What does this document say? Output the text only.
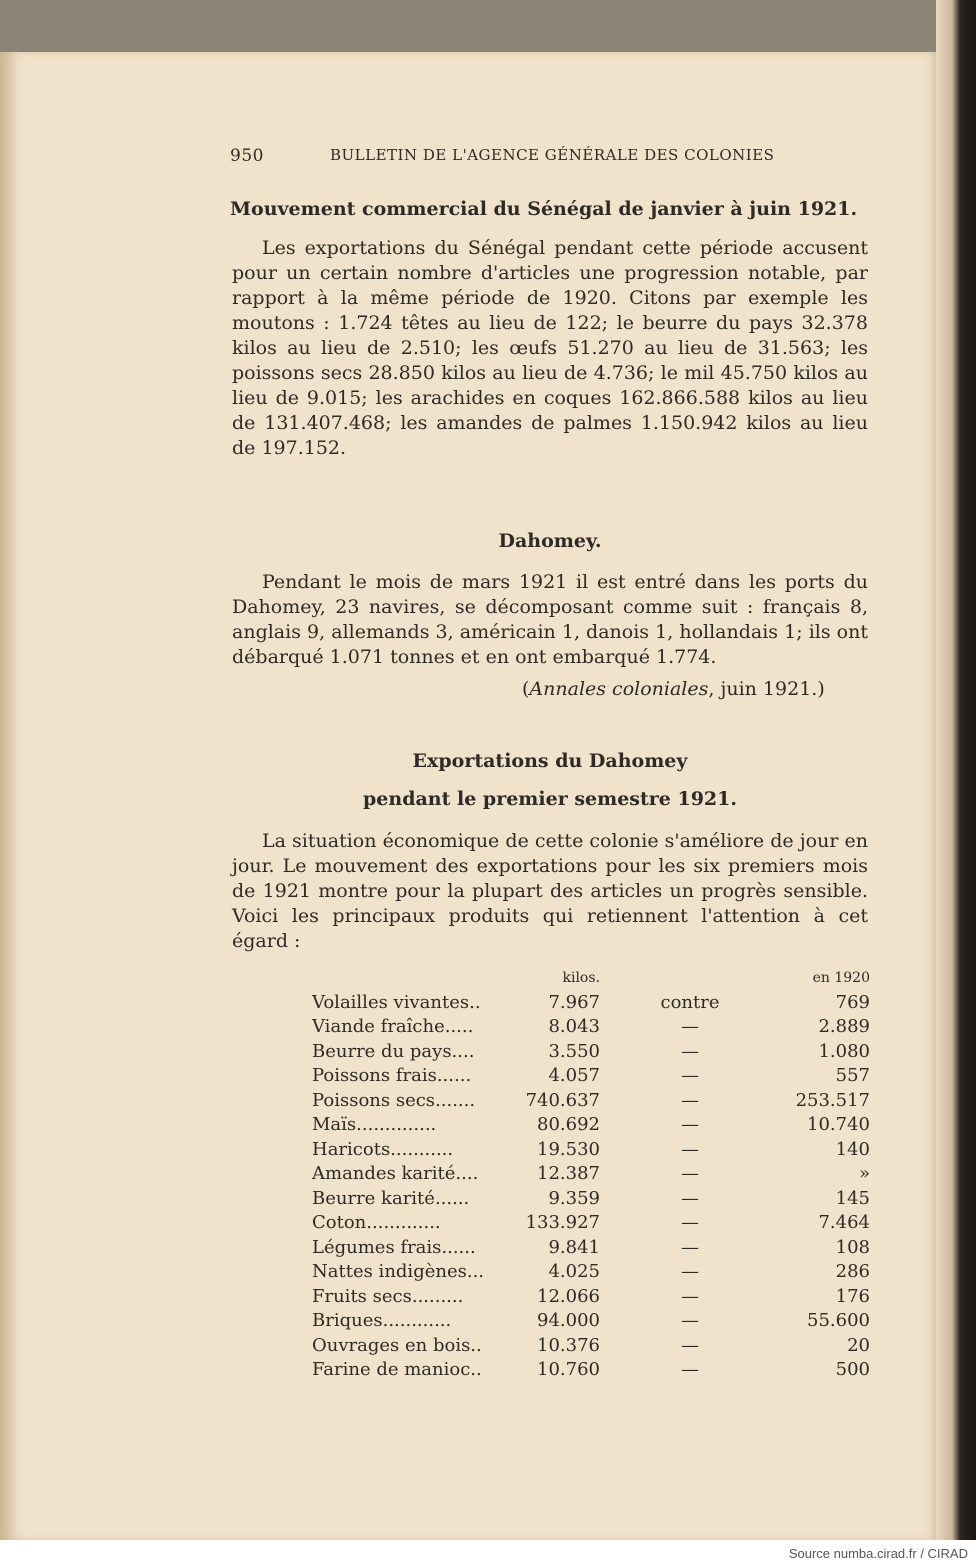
950	BULLETIN DE L'AGENCE GÉNÉRALE DES COLONIES
Mouvement commercial du Sénégal de janvier à juin 1921.
Les exportations du Sénégal pendant cette période accusent pour un certain nombre d'articles une progression notable, par rapport à la même période de 1920. Citons par exemple les moutons : 1.724 têtes au lieu de 122; le beurre du pays 32.378 kilos au lieu de 2.510; les œufs 51.270 au lieu de 31.563; les poissons secs 28.850 kilos au lieu de 4.736; le mil 45.750 kilos au lieu de 9.015; les arachides en coques 162.866.588 kilos au lieu de 131.407.468; les amandes de palmes 1.150.942 kilos au lieu de 197.152.
Dahomey.
Pendant le mois de mars 1921 il est entré dans les ports du Dahomey, 23 navires, se décomposant comme suit : français 8, anglais 9, allemands 3, américain 1, danois 1, hollandais 1; ils ont débarqué 1.071 tonnes et en ont embarqué 1.774.
(Annales coloniales, juin 1921.)
Exportations du Dahomey
pendant le premier semestre 1921.
La situation économique de cette colonie s'améliore de jour en jour. Le mouvement des exportations pour les six premiers mois de 1921 montre pour la plupart des articles un progrès sensible. Voici les principaux produits qui retiennent l'attention à cet égard :
	kilos.		en 1920
Volailles vivantes..	7.967	contre	769
Viande fraîche.....	8.043	—	2.889
Beurre du pays....	3.550	—	1.080
Poissons frais......	4.057	—	557
Poissons secs.......	740.637	—	253.517
Maïs..............	80.692	—	10.740
Haricots...........	19.530	—	140
Amandes karité....	12.387	—	»
Beurre karité......	9.359	—	145
Coton.............	133.927	—	7.464
Légumes frais......	9.841	—	108
Nattes indigènes...	4.025	—	286
Fruits secs.........	12.066	—	176
Briques............	94.000	—	55.600
Ouvrages en bois..	10.376	—	20
Farine de manioc..	10.760	—	500
Source numba.cirad.fr / CIRAD
